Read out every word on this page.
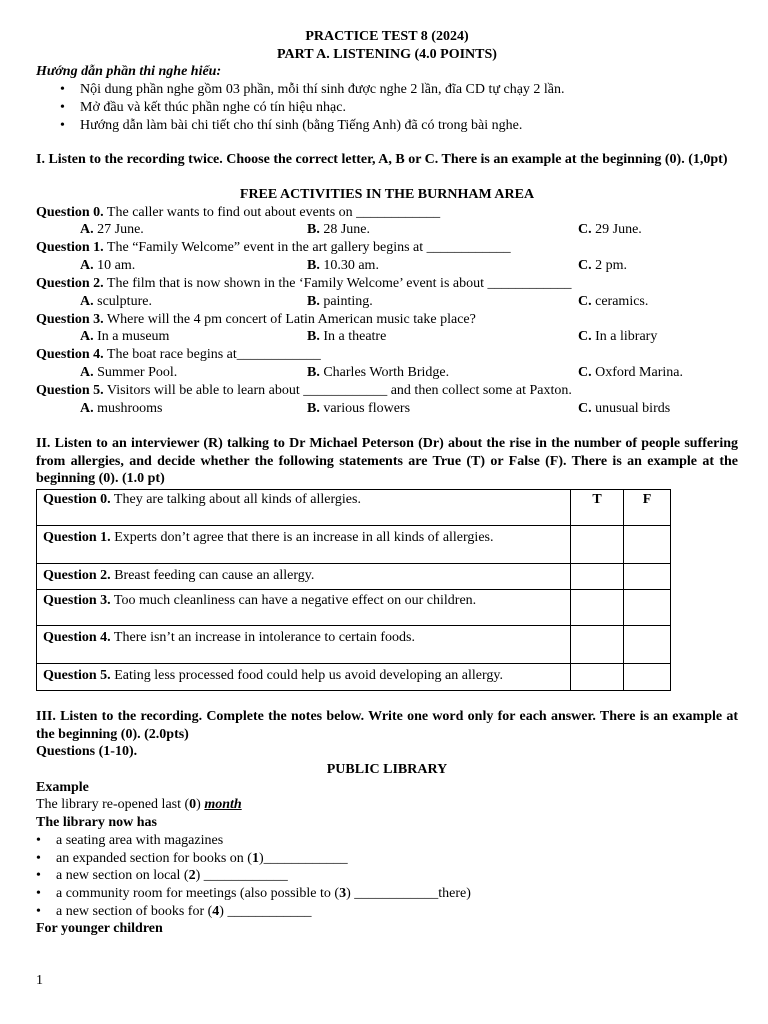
PRACTICE TEST 8 (2024)
PART A. LISTENING (4.0 POINTS)
Hướng dẫn phần thi nghe hiểu:
• Nội dung phần nghe gồm 03 phần, mỗi thí sinh được nghe 2 lần, đĩa CD tự chạy 2 lần.
• Mở đầu và kết thúc phần nghe có tín hiệu nhạc.
• Hướng dẫn làm bài chi tiết cho thí sinh (bằng Tiếng Anh) đã có trong bài nghe.
I. Listen to the recording twice. Choose the correct letter, A, B or C. There is an example at the beginning (0). (1,0pt)
FREE ACTIVITIES IN THE BURNHAM AREA
Question 0. The caller wants to find out about events on ____________
A. 27 June.	B. 28 June.	C. 29 June.
Question 1. The “Family Welcome” event in the art gallery begins at ____________
A. 10 am.	B. 10.30 am.	C. 2 pm.
Question 2. The film that is now shown in the ‘Family Welcome’ event is about ____________
A. sculpture.	B. painting.	C. ceramics.
Question 3. Where will the 4 pm concert of Latin American music take place?
A. In a museum	B. In a theatre	C. In a library
Question 4. The boat race begins at____________
A. Summer Pool.	B. Charles Worth Bridge.	C. Oxford Marina.
Question 5. Visitors will be able to learn about ____________ and then collect some at Paxton.
A. mushrooms	B. various flowers	C. unusual birds
II. Listen to an interviewer (R) talking to Dr Michael Peterson (Dr) about the rise in the number of people suffering from allergies, and decide whether the following statements are True (T) or False (F). There is an example at the beginning (0). (1.0 pt)
Question 0. They are talking about all kinds of allergies.	T	F
Question 1. Experts don’t agree that there is an increase in all kinds of allergies.		
Question 2. Breast feeding can cause an allergy.		
Question 3. Too much cleanliness can have a negative effect on our children.		
Question 4. There isn’t an increase in intolerance to certain foods.		
Question 5. Eating less processed food could help us avoid developing an allergy.		
III. Listen to the recording. Complete the notes below. Write one word only for each answer. There is an example at the beginning (0). (2.0pts)
Questions (1-10).
PUBLIC LIBRARY
Example
The library re-opened last (0) month
The library now has
• a seating area with magazines
• an expanded section for books on (1)____________
• a new section on local (2) ____________
• a community room for meetings (also possible to (3) ____________there)
• a new section of books for (4) ____________
For younger children
1
